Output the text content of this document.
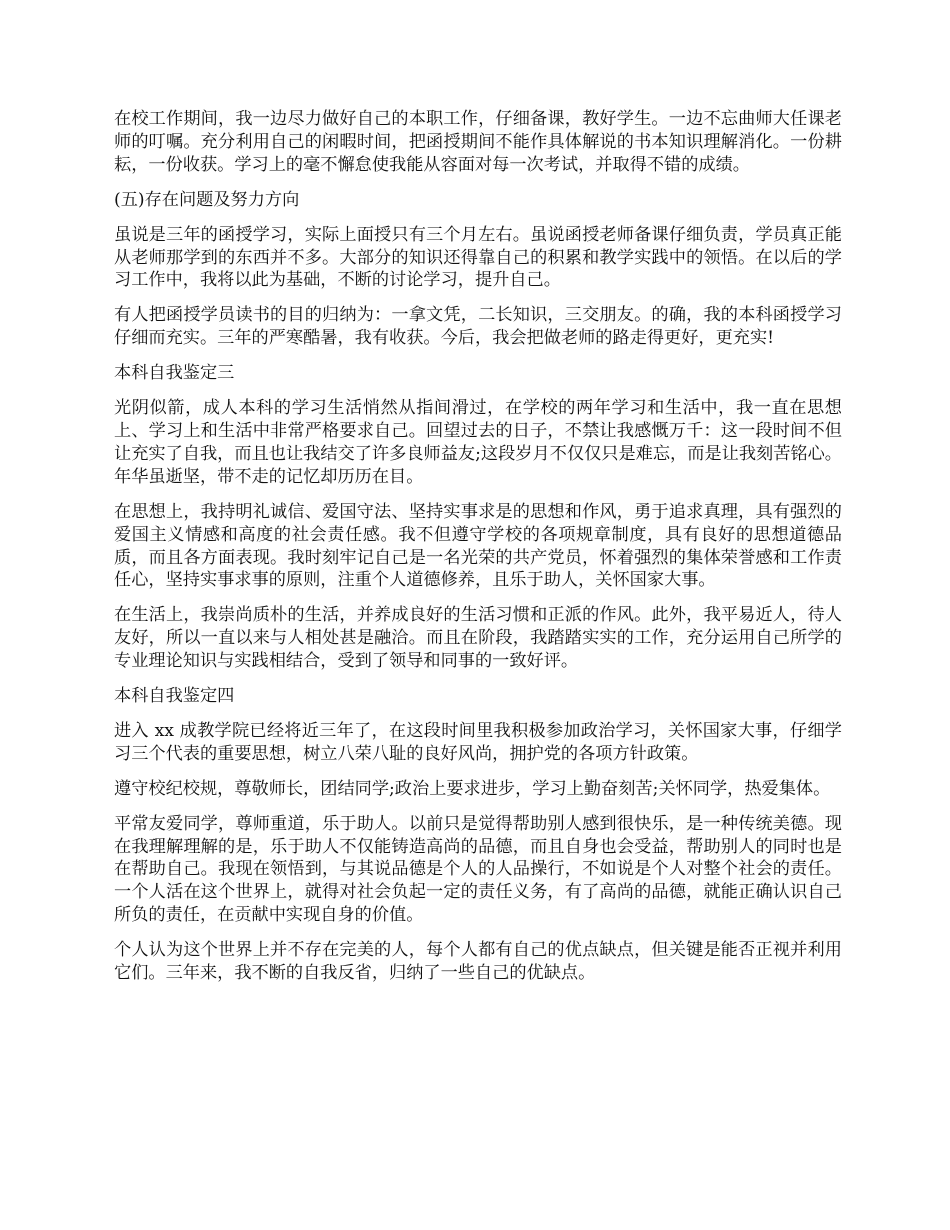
在校工作期间，我一边尽力做好自己的本职工作，仔细备课，教好学生。一边不忘曲师大任课老师的叮嘱。充分利用自己的闲暇时间，把函授期间不能作具体解说的书本知识理解消化。一份耕耘，一份收获。学习上的毫不懈怠使我能从容面对每一次考试，并取得不错的成绩。

(五)存在问题及努力方向

虽说是三年的函授学习，实际上面授只有三个月左右。虽说函授老师备课仔细负责，学员真正能从老师那学到的东西并不多。大部分的知识还得靠自己的积累和教学实践中的领悟。在以后的学习工作中，我将以此为基础，不断的讨论学习，提升自己。

有人把函授学员读书的目的归纳为：一拿文凭，二长知识，三交朋友。的确，我的本科函授学习仔细而充实。三年的严寒酷暑，我有收获。今后，我会把做老师的路走得更好，更充实!

本科自我鉴定三

光阴似箭，成人本科的学习生活悄然从指间滑过，在学校的两年学习和生活中，我一直在思想上、学习上和生活中非常严格要求自己。回望过去的日子，不禁让我感慨万千：这一段时间不但让充实了自我，而且也让我结交了许多良师益友;这段岁月不仅仅只是难忘，而是让我刻苦铭心。年华虽逝坚，带不走的记忆却历历在目。

在思想上，我持明礼诚信、爱国守法、坚持实事求是的思想和作风，勇于追求真理，具有强烈的爱国主义情感和高度的社会责任感。我不但遵守学校的各项规章制度，具有良好的思想道德品质，而且各方面表现。我时刻牢记自己是一名光荣的共产党员，怀着强烈的集体荣誉感和工作责任心，坚持实事求事的原则，注重个人道德修养，且乐于助人，关怀国家大事。

在生活上，我崇尚质朴的生活，并养成良好的生活习惯和正派的作风。此外，我平易近人，待人友好，所以一直以来与人相处甚是融洽。而且在阶段，我踏踏实实的工作，充分运用自己所学的专业理论知识与实践相结合，受到了领导和同事的一致好评。

本科自我鉴定四

进入 xx 成教学院已经将近三年了，在这段时间里我积极参加政治学习，关怀国家大事，仔细学习三个代表的重要思想，树立八荣八耻的良好风尚，拥护党的各项方针政策。

遵守校纪校规，尊敬师长，团结同学;政治上要求进步，学习上勤奋刻苦;关怀同学，热爱集体。

平常友爱同学，尊师重道，乐于助人。以前只是觉得帮助别人感到很快乐，是一种传统美德。现在我理解理解的是，乐于助人不仅能铸造高尚的品德，而且自身也会受益，帮助别人的同时也是在帮助自己。我现在领悟到，与其说品德是个人的人品操行，不如说是个人对整个社会的责任。一个人活在这个世界上，就得对社会负起一定的责任义务，有了高尚的品德，就能正确认识自己所负的责任，在贡献中实现自身的价值。

个人认为这个世界上并不存在完美的人，每个人都有自己的优点缺点，但关键是能否正视并利用它们。三年来，我不断的自我反省，归纳了一些自己的优缺点。
